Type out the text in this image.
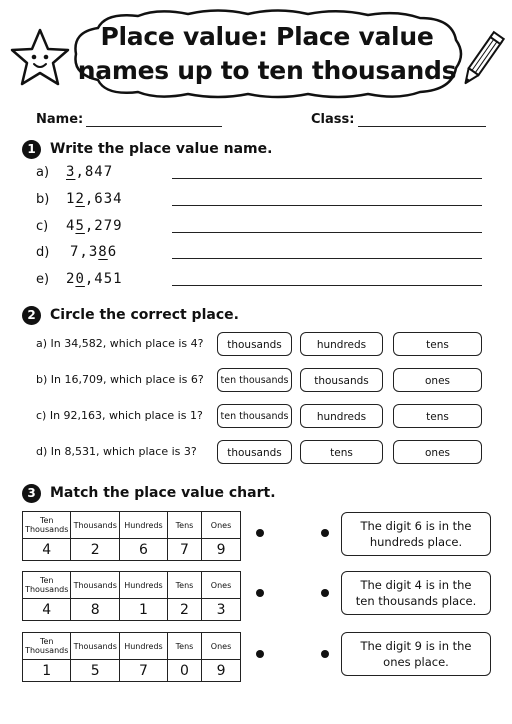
Place value: Place value
names up to ten thousands
Name:	Class:
1	Write the place value name.
a) 3,847
b) 12,634
c) 45,279
d) 7,386
e) 20,451
2	Circle the correct place.
a) In 34,582, which place is 4?	thousands	hundreds	tens
b) In 16,709, which place is 6?	ten thousands	thousands	ones
c) In 92,163, which place is 1?	ten thousands	hundreds	tens
d) In 8,531, which place is 3?	thousands	tens	ones
3	Match the place value chart.
Ten
Thousands	Thousands	Hundreds	Tens	Ones
4	2	6	7	9
Ten
Thousands	Thousands	Hundreds	Tens	Ones
4	8	1	2	3
Ten
Thousands	Thousands	Hundreds	Tens	Ones
1	5	7	0	9
The digit 6 is in the
hundreds place.
The digit 4 is in the
ten thousands place.
The digit 9 is in the
ones place.
